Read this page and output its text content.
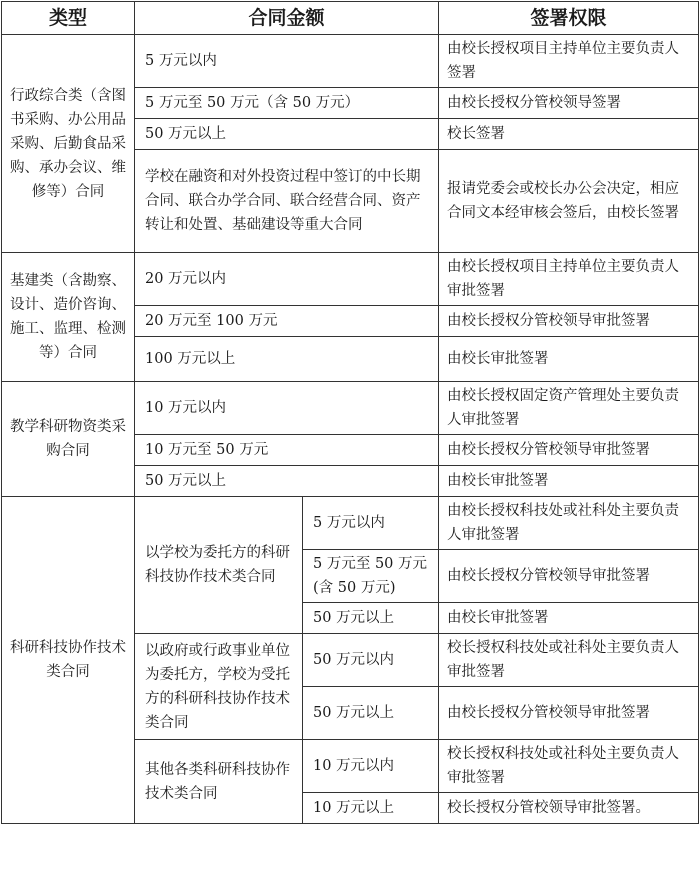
类型	合同金额		签署权限
行政综合类（含图书采购、办公用品采购、后勤食品采购、承办会议、维修等）合同	5 万元以内		由校长授权项目主持单位主要负责人签署
	5 万元至 50 万元（含 50 万元）		由校长授权分管校领导签署
	50 万元以上		校长签署
	学校在融资和对外投资过程中签订的中长期合同、联合办学合同、联合经营合同、资产转让和处置、基础建设等重大合同		报请党委会或校长办公会决定，相应合同文本经审核会签后，由校长签署
基建类（含勘察、设计、造价咨询、施工、监理、检测等）合同	20 万元以内		由校长授权项目主持单位主要负责人审批签署
	20 万元至 100 万元		由校长授权分管校领导审批签署
	100 万元以上		由校长审批签署
教学科研物资类采购合同	10 万元以内		由校长授权固定资产管理处主要负责人审批签署
	10 万元至 50 万元		由校长授权分管校领导审批签署
	50 万元以上		由校长审批签署
科研科技协作技术类合同	以学校为委托方的科研科技协作技术类合同	5 万元以内	由校长授权科技处或社科处主要负责人审批签署
		5 万元至 50 万元(含 50 万元)	由校长授权分管校领导审批签署
		50 万元以上	由校长审批签署
	以政府或行政事业单位为委托方，学校为受托方的科研科技协作技术类合同	50 万元以内	校长授权科技处或社科处主要负责人审批签署
		50 万元以上	由校长授权分管校领导审批签署
	其他各类科研科技协作技术类合同	10 万元以内	校长授权科技处或社科处主要负责人审批签署
		10 万元以上	校长授权分管校领导审批签署。
